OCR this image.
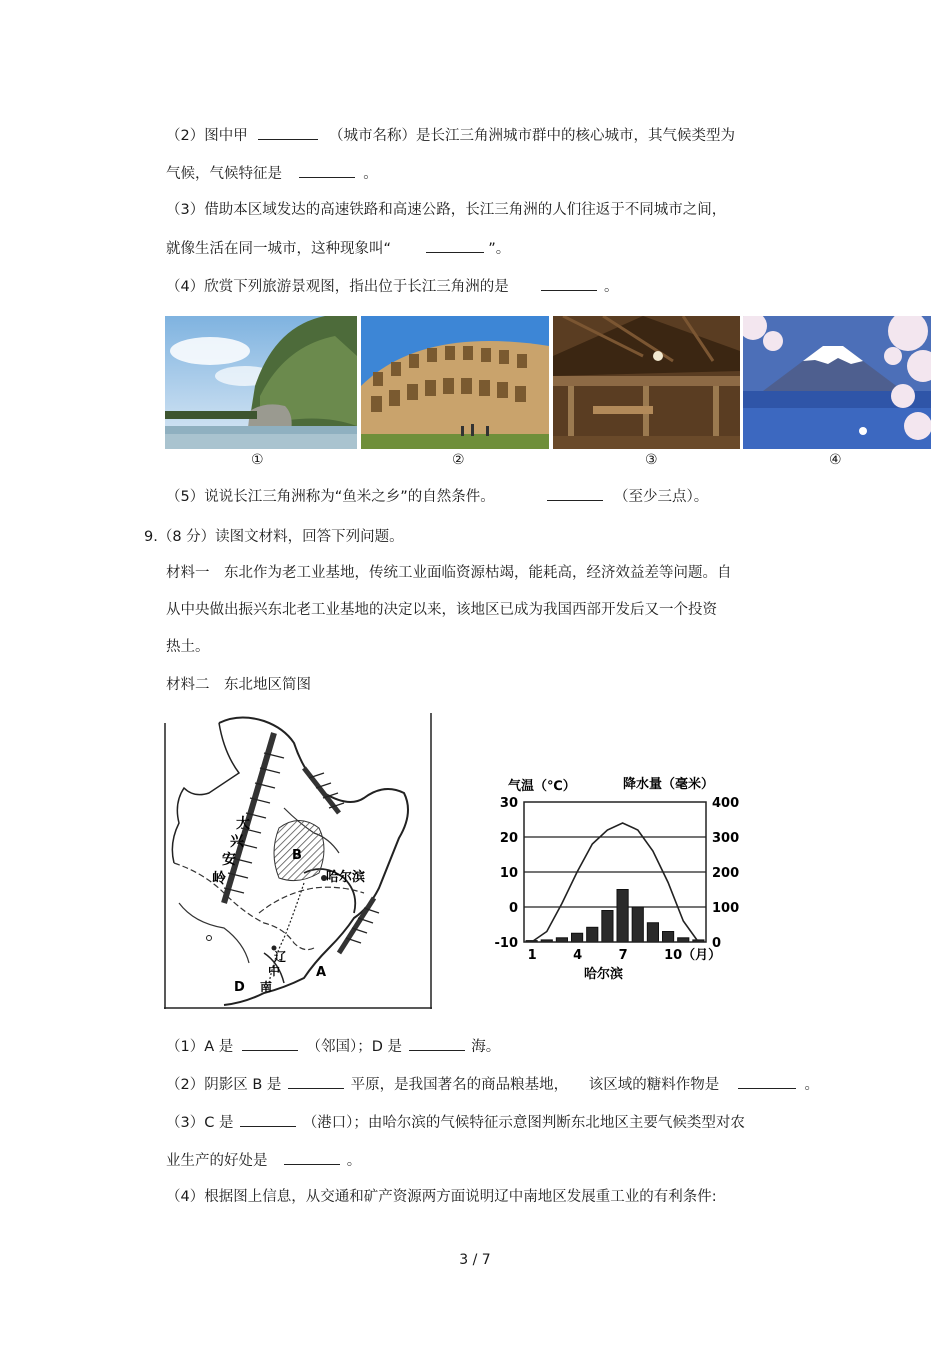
（2）图中甲	（城市名称）是长江三角洲城市群中的核心城市，其气候类型为
气候，气候特征是	。
（3）借助本区域发达的高速铁路和高速公路，长江三角洲的人们往返于不同城市之间，
就像生活在同一城市，这种现象叫“	”。
（4）欣赏下列旅游景观图，指出位于长江三角洲的是	。
①	②	③	④
（5）说说长江三角洲称为“鱼米之乡”的自然条件。	（至少三点）。
9.（8 分）读图文材料，回答下列问题。
材料一　东北作为老工业基地，传统工业面临资源枯竭，能耗高，经济效益差等问题。自
从中央做出振兴东北老工业基地的决定以来，该地区已成为我国西部开发后又一个投资
热土。
材料二　东北地区简图
大
兴
安
岭
B
哈尔滨
辽
中
南
A
D
气温（℃）	降水量（毫米）
30
20
10
0
-10
400
300
200
100
0
1	4	7	10（月）
哈尔滨
（1）A 是	（邻国）；D 是	海。
（2）阴影区 B 是	平原，是我国著名的商品粮基地， 该区域的糖料作物是	。
（3）C 是	（港口）；由哈尔滨的气候特征示意图判断东北地区主要气候类型对农
业生产的好处是	。
（4）根据图上信息，从交通和矿产资源两方面说明辽中南地区发展重工业的有利条件:
3 / 7
